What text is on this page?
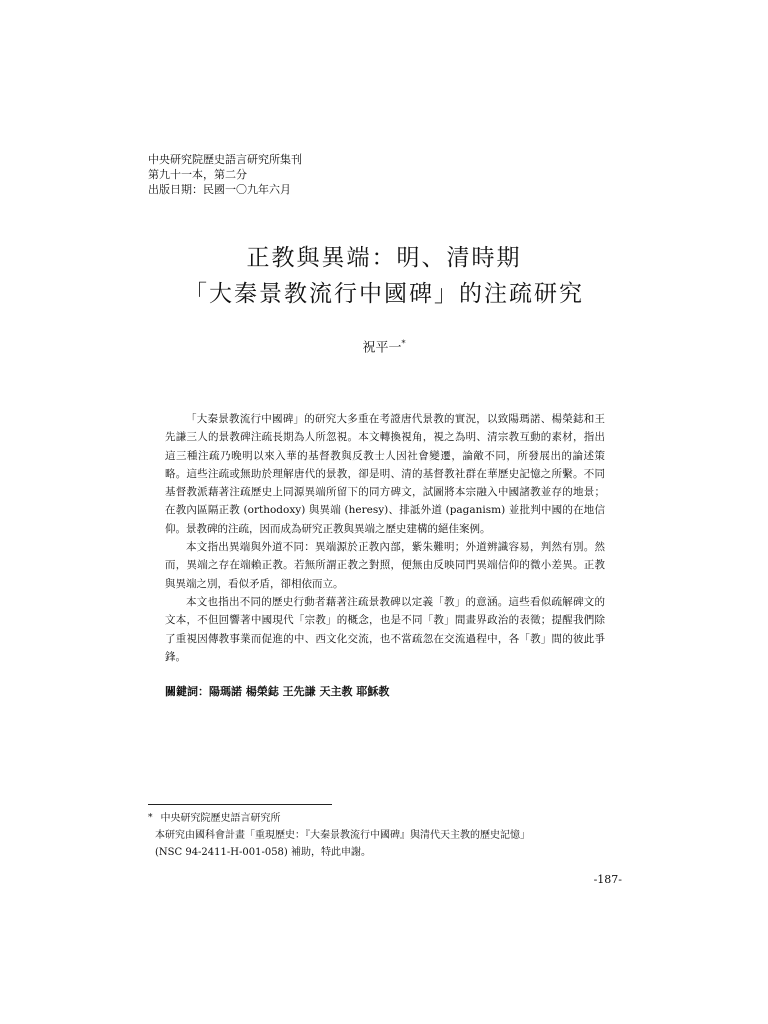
中央研究院歷史語言研究所集刊
第九十一本，第二分
出版日期：民國一〇九年六月
正教與異端：明、清時期
「大秦景教流行中國碑」的注疏研究
祝平一*

「大秦景教流行中國碑」的研究大多重在考證唐代景教的實況，以致陽瑪諾、楊榮鋕和王先謙三人的景教碑注疏長期為人所忽視。本文轉換視角，視之為明、清宗教互動的素材，指出這三種注疏乃晚明以來入華的基督教與反教士人因社會變遷，論敵不同，所發展出的論述策略。這些注疏或無助於理解唐代的景教，卻是明、清的基督教社群在華歷史記憶之所繫。不同基督教派藉著注疏歷史上同源異端所留下的同方碑文，試圖將本宗融入中國諸教並存的地景；在教內區隔正教 (orthodoxy) 與異端 (heresy)、排詆外道 (paganism) 並批判中國的在地信仰。景教碑的注疏，因而成為研究正教與異端之歷史建構的絕佳案例。

本文指出異端與外道不同：異端源於正教內部，紫朱難明；外道辨識容易，判然有別。然而，異端之存在端賴正教。若無所謂正教之對照，便無由反映同門異端信仰的微小差異。正教與異端之別，看似矛盾，卻相依而立。

本文也指出不同的歷史行動者藉著注疏景教碑以定義「教」的意涵。這些看似疏解碑文的文本，不但回響著中國現代「宗教」的概念，也是不同「教」間畫界政治的表徵；提醒我們除了重視因傳教事業而促進的中、西文化交流，也不當疏忽在交流過程中，各「教」間的彼此爭鋒。

關鍵詞：陽瑪諾 楊榮鋕 王先謙 天主教 耶穌教
* 中央研究院歷史語言研究所
本研究由國科會計畫「重現歷史：『大秦景教流行中國碑』與清代天主教的歷史記憶」
(NSC 94-2411-H-001-058) 補助，特此申謝。
-187-
